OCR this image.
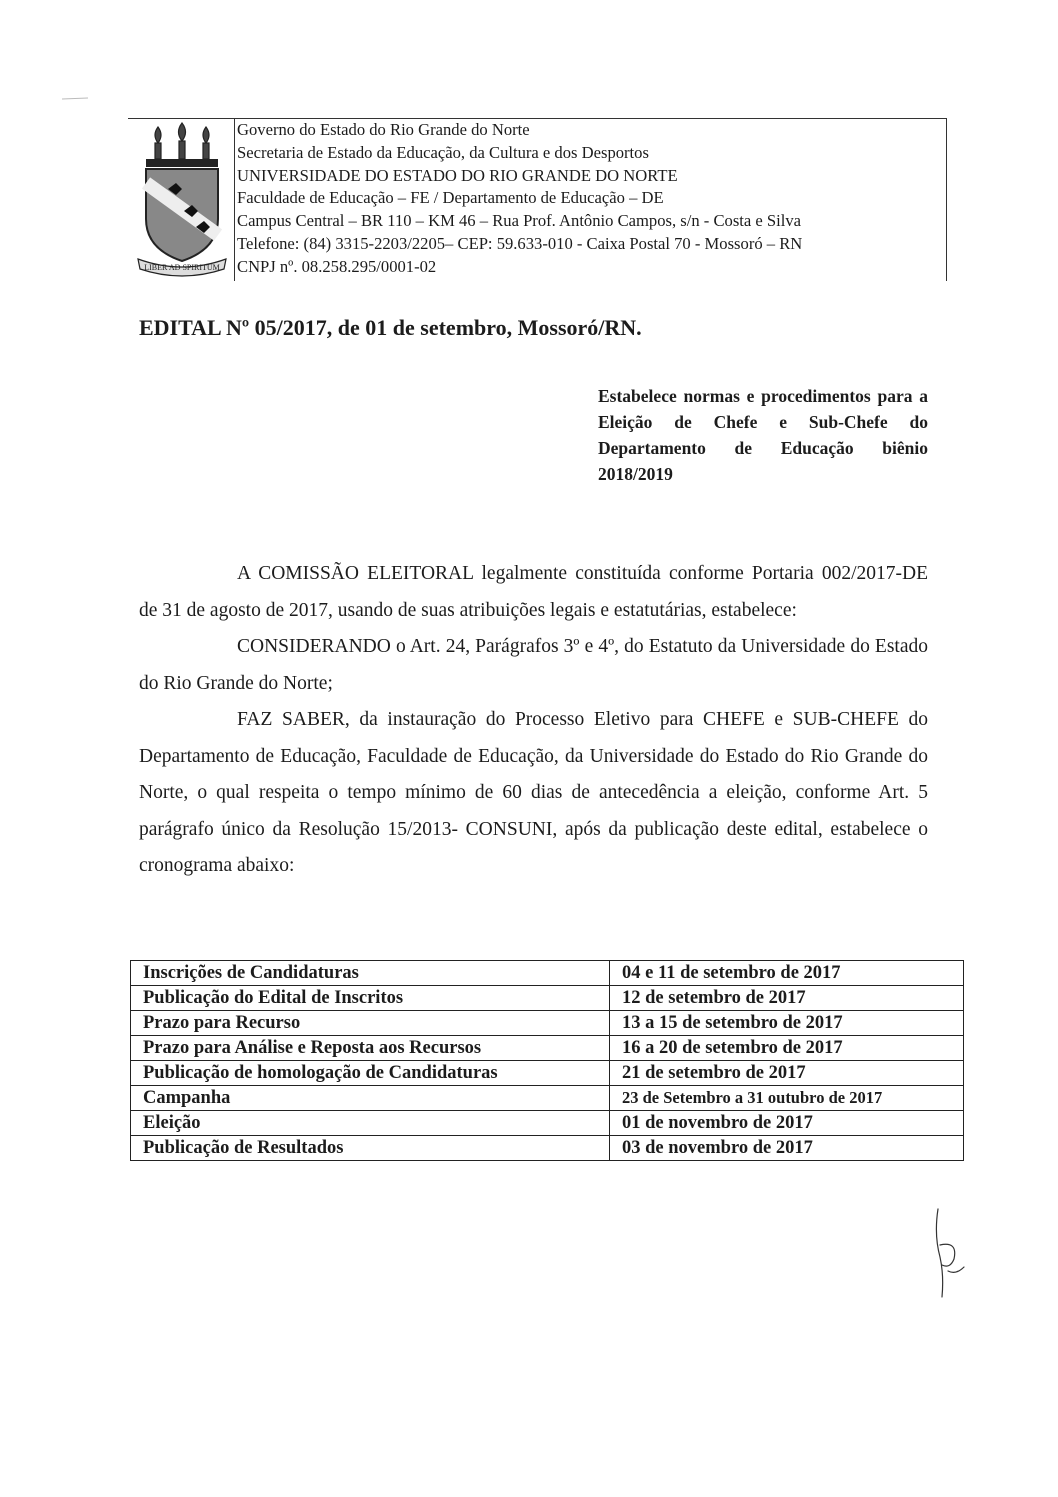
LIBER AD SPIRITUM
Governo do Estado do Rio Grande do Norte
Secretaria de Estado da Educação, da Cultura e dos Desportos
UNIVERSIDADE DO ESTADO DO RIO GRANDE DO NORTE
Faculdade de Educação – FE / Departamento de Educação – DE
Campus Central – BR 110 – KM 46 – Rua Prof. Antônio Campos, s/n - Costa e Silva
Telefone: (84) 3315-2203/2205– CEP: 59.633-010 - Caixa Postal 70 - Mossoró – RN
CNPJ nº. 08.258.295/0001-02
EDITAL Nº 05/2017, de 01 de setembro, Mossoró/RN.
Estabelece normas e procedimentos para a Eleição de Chefe e Sub-Chefe do Departamento de Educação biênio 2018/2019

A COMISSÃO ELEITORAL legalmente constituída conforme Portaria 002/2017-DE de 31 de agosto de 2017, usando de suas atribuições legais e estatutárias, estabelece:

CONSIDERANDO o Art. 24, Parágrafos 3º e 4º, do Estatuto da Universidade do Estado do Rio Grande do Norte;

FAZ SABER, da instauração do Processo Eletivo para CHEFE e SUB-CHEFE do Departamento de Educação, Faculdade de Educação, da Universidade do Estado do Rio Grande do Norte, o qual respeita o tempo mínimo de 60 dias de antecedência a eleição, conforme Art. 5 parágrafo único da Resolução 15/2013- CONSUNI, após da publicação deste edital, estabelece o cronograma abaixo:

Inscrições de Candidaturas	04 e 11 de setembro de 2017
Publicação do Edital de Inscritos	12 de setembro de 2017
Prazo para Recurso	13 a 15 de setembro de 2017
Prazo para Análise e Reposta aos Recursos	16 a 20 de setembro de 2017
Publicação de homologação de Candidaturas	21 de setembro de 2017
Campanha	23 de Setembro a 31 outubro de 2017
Eleição	01 de novembro de 2017
Publicação de Resultados	03 de novembro de 2017
